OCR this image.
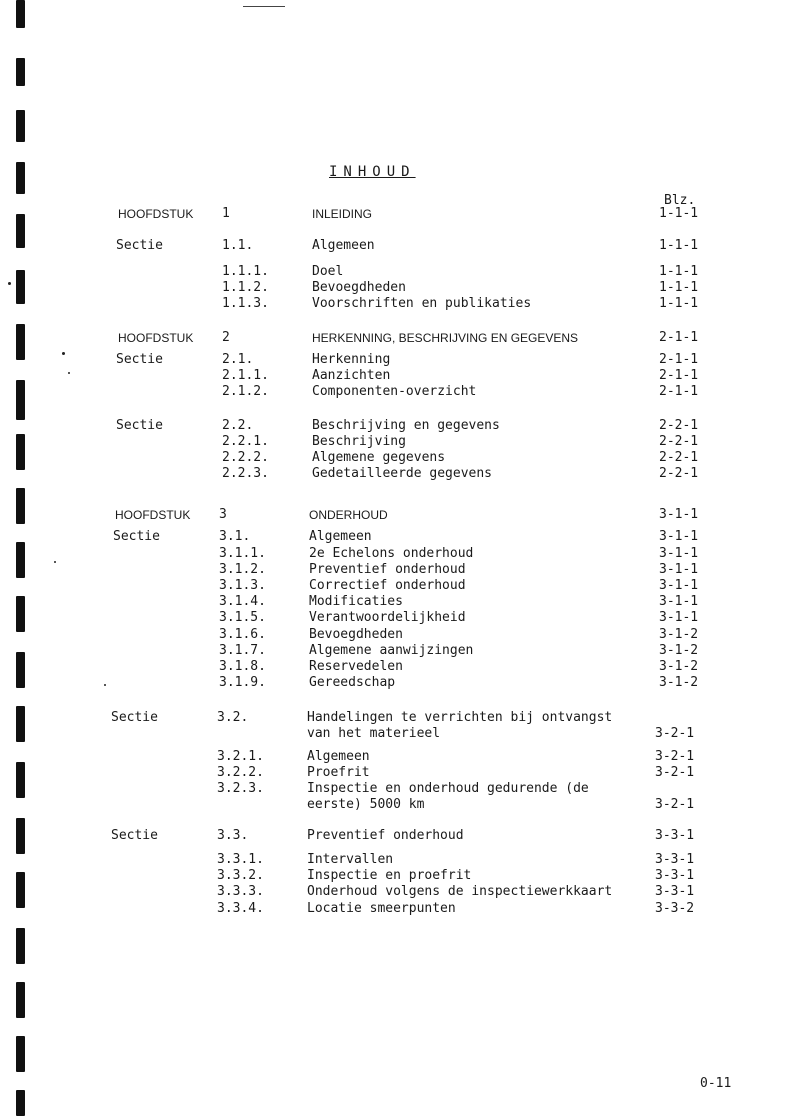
INHOUD
Blz.
HOOFDSTUK 1	INLEIDING	1-1-1
Sectie	1.1.	Algemeen	1-1-1
1.1.1.	Doel	1-1-1
1.1.2.	Bevoegdheden	1-1-1
1.1.3.	Voorschriften en publikaties	1-1-1
HOOFDSTUK 2	HERKENNING, BESCHRIJVING EN GEGEVENS	2-1-1
Sectie	2.1.	Herkenning	2-1-1
2.1.1.	Aanzichten	2-1-1
2.1.2.	Componenten-overzicht	2-1-1
Sectie	2.2.	Beschrijving en gegevens	2-2-1
2.2.1.	Beschrijving	2-2-1
2.2.2.	Algemene gegevens	2-2-1
2.2.3.	Gedetailleerde gegevens	2-2-1
HOOFDSTUK 3	ONDERHOUD	3-1-1
Sectie	3.1.	Algemeen	3-1-1
3.1.1.	2e Echelons onderhoud	3-1-1
3.1.2.	Preventief onderhoud	3-1-1
3.1.3.	Correctief onderhoud	3-1-1
3.1.4.	Modificaties	3-1-1
3.1.5.	Verantwoordelijkheid	3-1-1
3.1.6.	Bevoegdheden	3-1-2
3.1.7.	Algemene aanwijzingen	3-1-2
3.1.8.	Reservedelen	3-1-2
3.1.9.	Gereedschap	3-1-2
Sectie	3.2.	Handelingen te verrichten bij ontvangst
van het materieel	3-2-1
3.2.1.	Algemeen	3-2-1
3.2.2.	Proefrit	3-2-1
3.2.3.	Inspectie en onderhoud gedurende (de
eerste) 5000 km	3-2-1
Sectie	3.3.	Preventief onderhoud	3-3-1
3.3.1.	Intervallen	3-3-1
3.3.2.	Inspectie en proefrit	3-3-1
3.3.3.	Onderhoud volgens de inspectiewerkkaart	3-3-1
3.3.4.	Locatie smeerpunten	3-3-2
0-11
